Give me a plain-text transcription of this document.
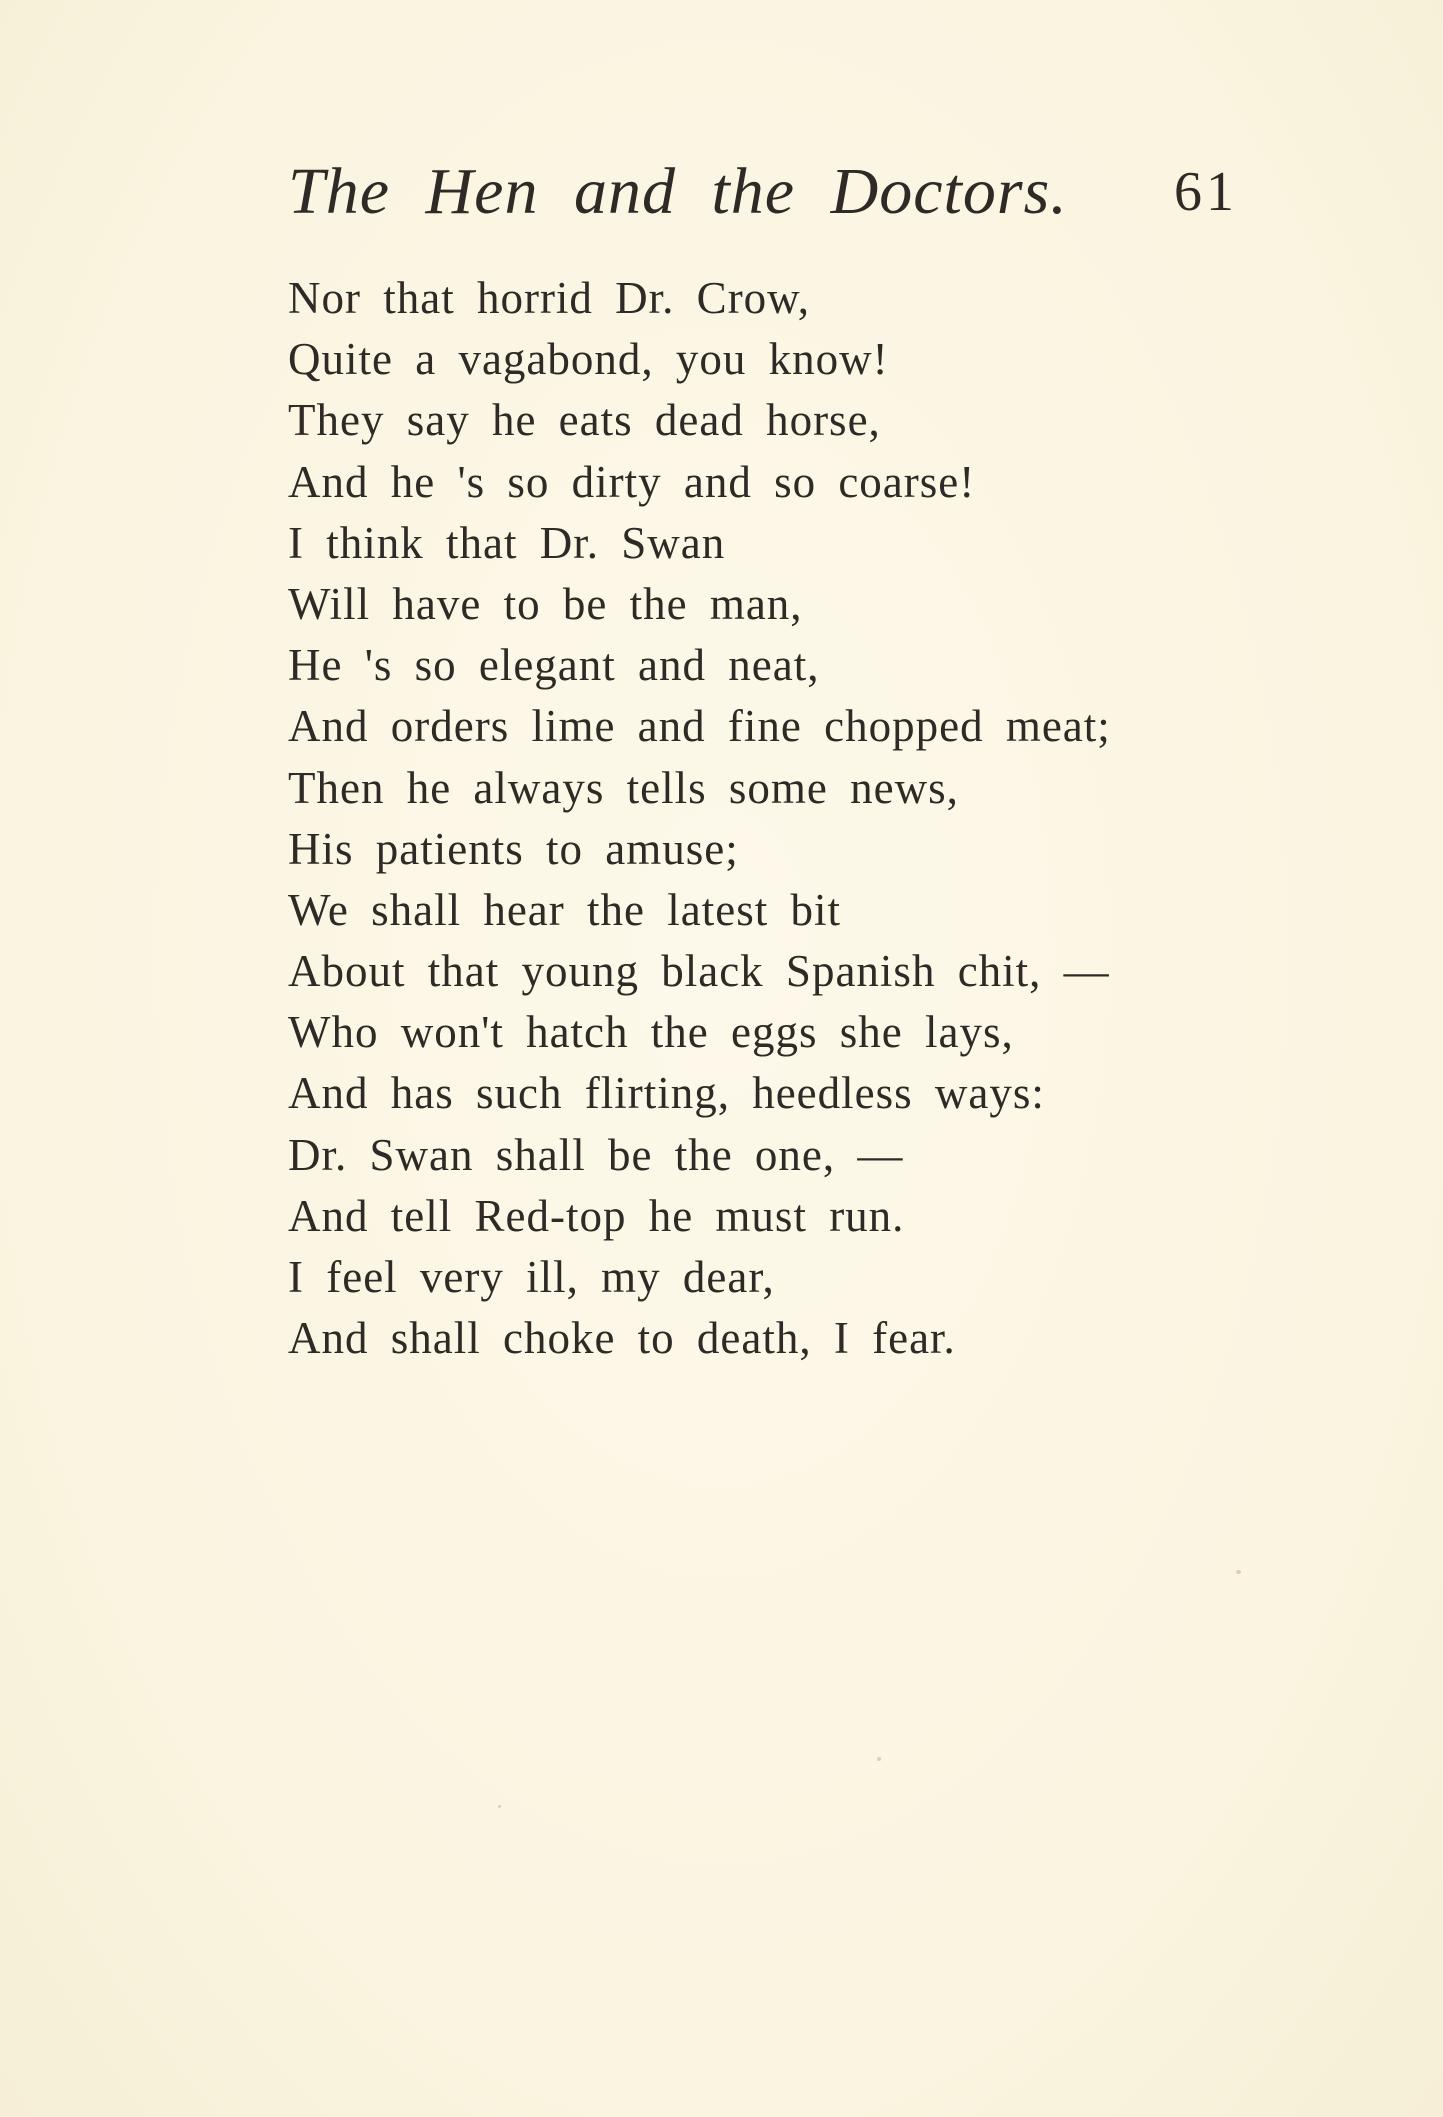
The Hen and the Doctors. 61
Nor that horrid Dr. Crow,
Quite a vagabond, you know!
They say he eats dead horse,
And he 's so dirty and so coarse!
I think that Dr. Swan
Will have to be the man,
He 's so elegant and neat,
And orders lime and fine chopped meat;
Then he always tells some news,
His patients to amuse;
We shall hear the latest bit
About that young black Spanish chit, —
Who won't hatch the eggs she lays,
And has such flirting, heedless ways:
Dr. Swan shall be the one, —
And tell Red-top he must run.
I feel very ill, my dear,
And shall choke to death, I fear.
